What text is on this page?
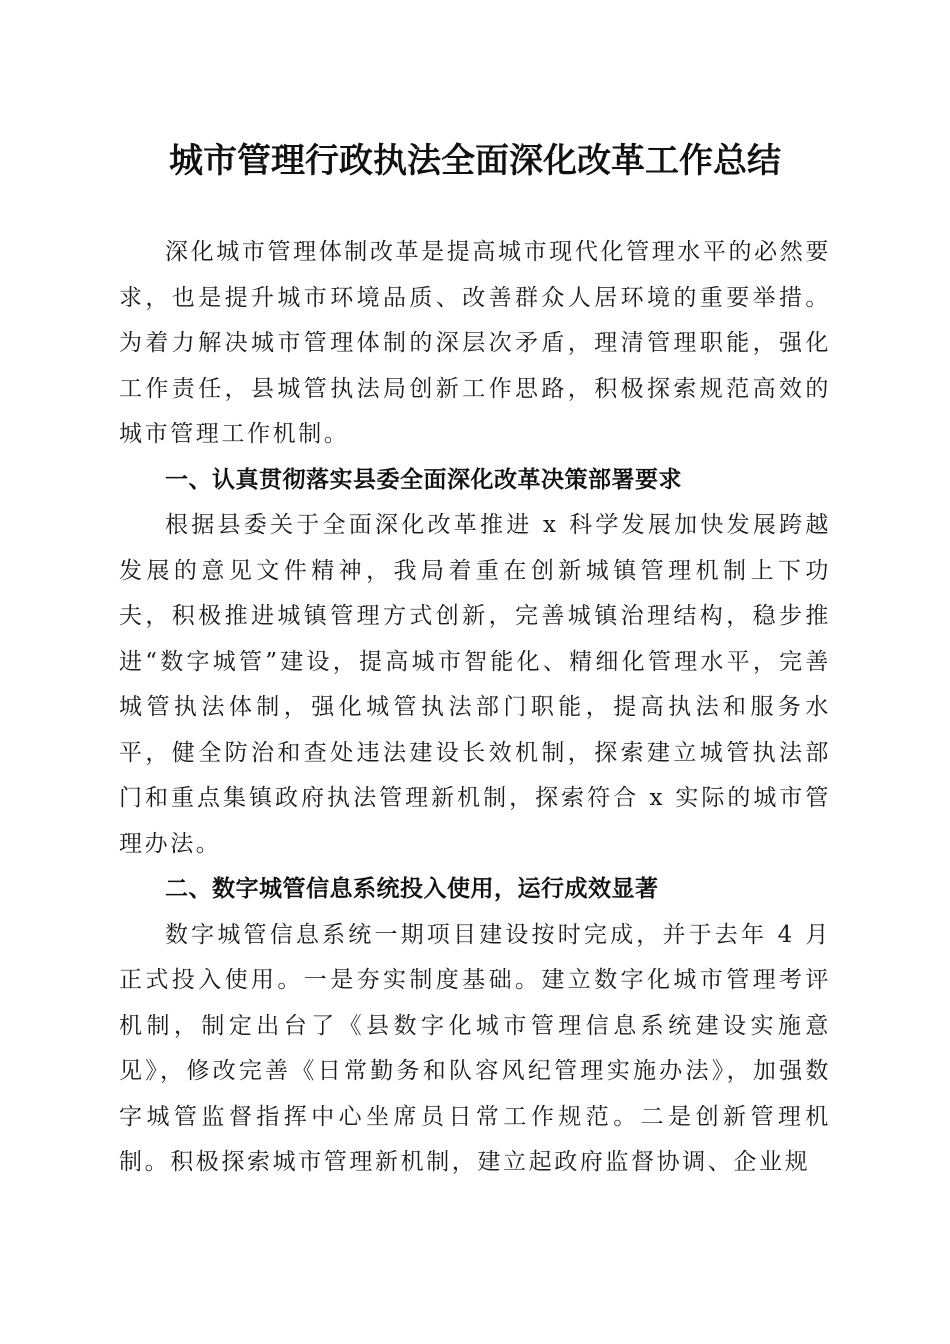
城市管理行政执法全面深化改革工作总结

深化城市管理体制改革是提高城市现代化管理水平的必然要求，也是提升城市环境品质、改善群众人居环境的重要举措。为着力解决城市管理体制的深层次矛盾，理清管理职能，强化工作责任，县城管执法局创新工作思路，积极探索规范高效的城市管理工作机制。

一、认真贯彻落实县委全面深化改革决策部署要求

根据县委关于全面深化改革推进 x 科学发展加快发展跨越发展的意见文件精神，我局着重在创新城镇管理机制上下功夫，积极推进城镇管理方式创新，完善城镇治理结构，稳步推进“数字城管”建设，提高城市智能化、精细化管理水平，完善城管执法体制，强化城管执法部门职能，提高执法和服务水平，健全防治和查处违法建设长效机制，探索建立城管执法部门和重点集镇政府执法管理新机制，探索符合 x 实际的城市管理办法。

二、数字城管信息系统投入使用，运行成效显著

数字城管信息系统一期项目建设按时完成，并于去年 4 月正式投入使用。一是夯实制度基础。建立数字化城市管理考评机制，制定出台了《县数字化城市管理信息系统建设实施意见》，修改完善《日常勤务和队容风纪管理实施办法》，加强数字城管监督指挥中心坐席员日常工作规范。二是创新管理机制。积极探索城市管理新机制，建立起政府监督协调、企业规
